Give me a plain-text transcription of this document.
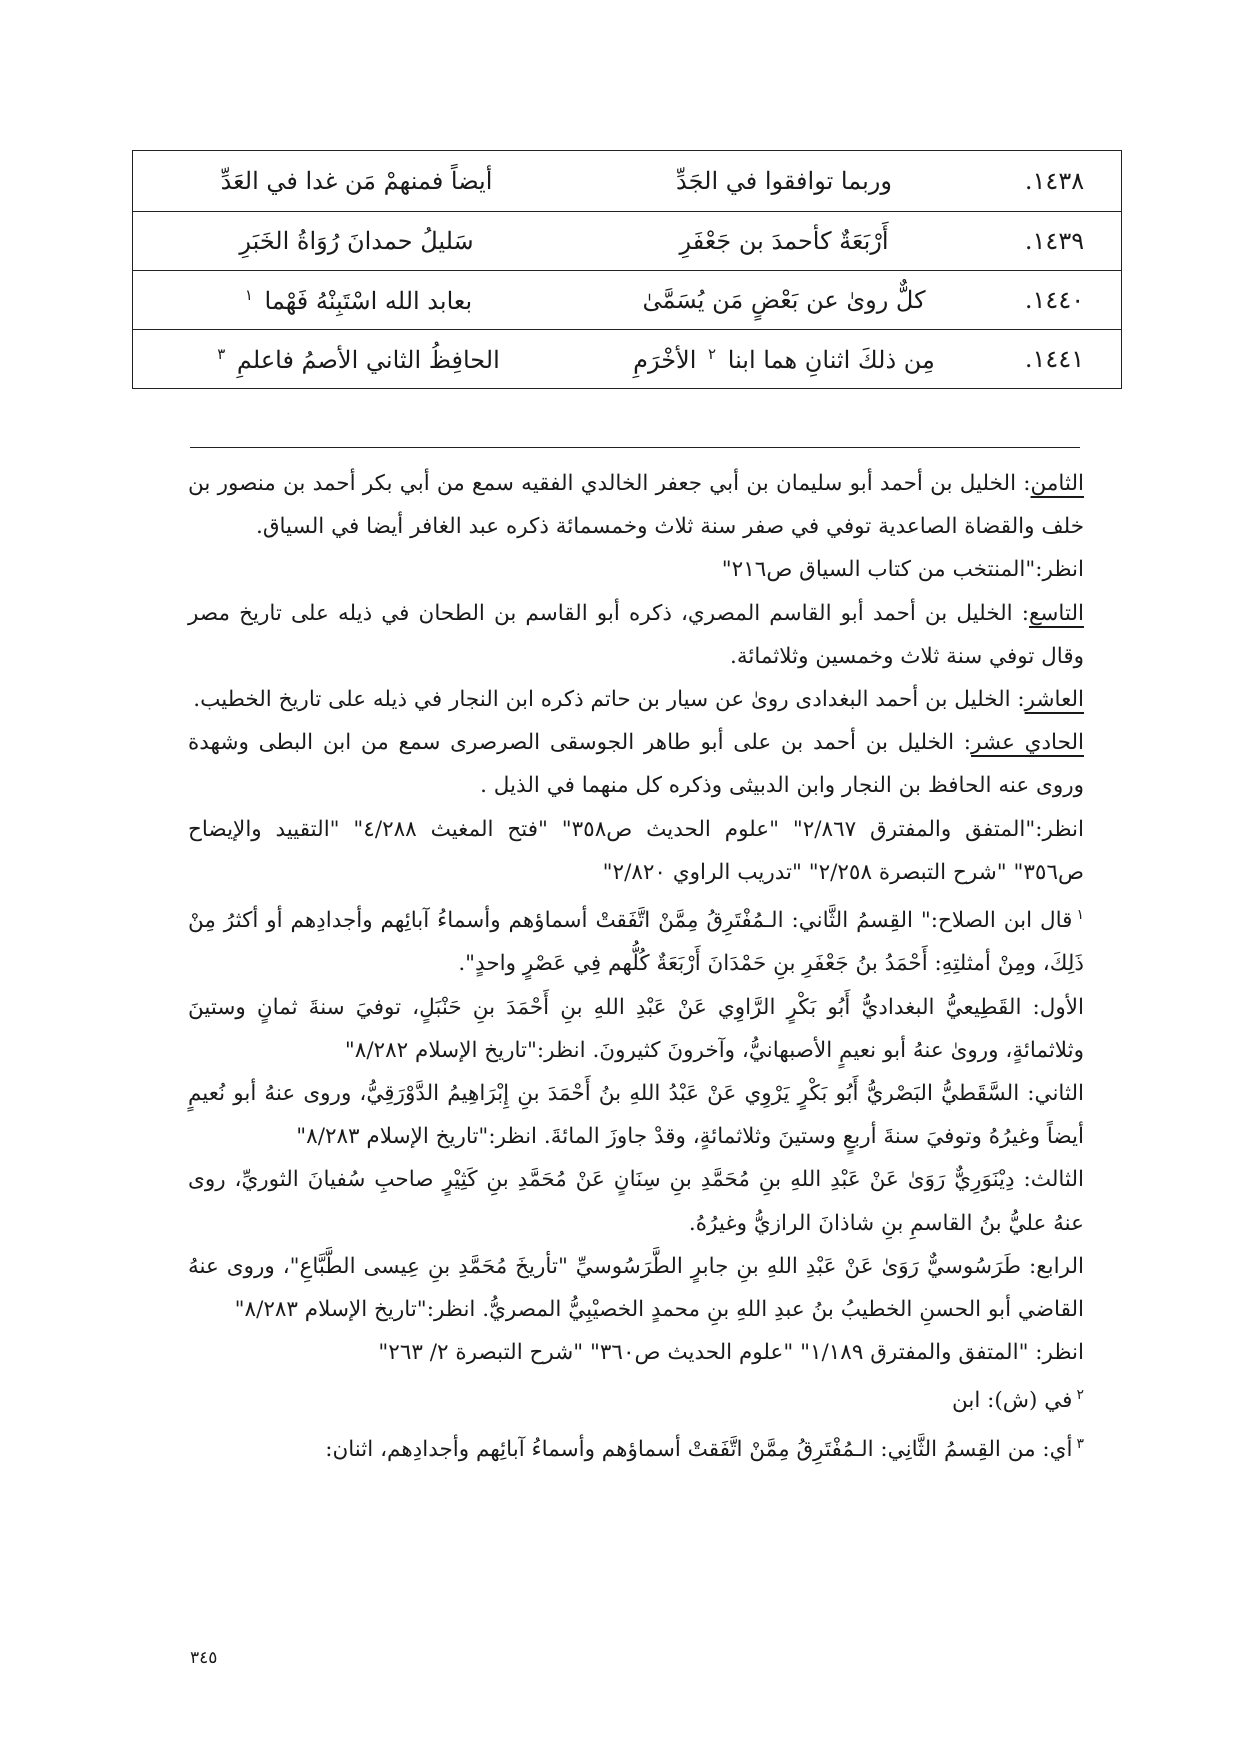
١٤٣٨.	وربما توافقوا في الجَدِّ	أيضاً فمنهمْ مَن غدا في العَدِّ
١٤٣٩.	أَرْبَعَةٌ كأحمدَ بن جَعْفَرِ	سَليلُ حمدانَ رُوَاةُ الخَبَرِ
١٤٤٠.	كلٌّ روىٰ عن بَعْضٍ مَن يُسَمَّىٰ	بعابد الله اسْتَبِنْهُ فَهْما $^١$
١٤٤١.	مِن ذلكَ اثنانِ هما ابنا $^٢$ الأخْرَمِ	الحافِظُ الثاني الأصمُ فاعلمِ $^٣$

الثامن: الخليل بن أحمد أبو سليمان بن أبي جعفر الخالدي الفقيه سمع من أبي بكر أحمد بن منصور بن خلف والقضاة الصاعدية توفي في صفر سنة ثلاث وخمسمائة ذكره عبد الغافر أيضا في السياق.

انظر:"المنتخب من كتاب السياق ص٢١٦"

التاسع: الخليل بن أحمد أبو القاسم المصري، ذكره أبو القاسم بن الطحان في ذيله على تاريخ مصر وقال توفي سنة ثلاث وخمسين وثلاثمائة.

العاشر: الخليل بن أحمد البغدادى روىٰ عن سيار بن حاتم ذكره ابن النجار في ذيله على تاريخ الخطيب.

الحادي عشر: الخليل بن أحمد بن على أبو طاهر الجوسقى الصرصرى سمع من ابن البطى وشهدة وروى عنه الحافظ بن النجار وابن الدبيثى وذكره كل منهما في الذيل .

انظر:"المتفق والمفترق ٢/٨٦٧" "علوم الحديث ص٣٥٨" "فتح المغيث ٤/٢٨٨" "التقييد والإيضاح ص٣٥٦" "شرح التبصرة ٢/٢٥٨" "تدريب الراوي ٢/٨٢٠"

$^١$قال ابن الصلاح:" القِسمُ الثَّاني: الـمُفْتَرِقُ مِمَّنْ اتَّفَقتْ أسماؤهم وأسماءُ آبائِهم وأجدادِهم أو أكثرُ مِنْ ذَلِكَ، ومِنْ أمثلتِهِ: أَحْمَدُ بنُ جَعْفَرِ بنِ حَمْدَانَ أَرْبَعَةٌ كُلُّهم فِي عَصْرٍ واحدٍ".

الأول: القَطِيعيُّ البغداديُّ أَبُو بَكْرٍ الرَّاوِي عَنْ عَبْدِ اللهِ بنِ أَحْمَدَ بنِ حَنْبَلٍ، توفيَ سنةَ ثمانٍ وستينَ وثلاثمائةٍ، وروىٰ عنهُ أبو نعيمٍ الأصبهانيُّ، وآخرونَ كثيرونَ. انظر:"تاريخ الإسلام ٨/٢٨٢"

الثاني: السَّقَطيُّ البَصْريُّ أَبُو بَكْرٍ يَرْوِي عَنْ عَبْدُ اللهِ بنُ أَحْمَدَ بنِ إِبْرَاهِيمُ الدَّوْرَقِيُّ، وروى عنهُ أبو نُعيمٍ أيضاً وغيرُهُ وتوفيَ سنةَ أربعٍ وستينَ وثلاثمائةٍ، وقدْ جاوزَ المائةَ. انظر:"تاريخ الإسلام ٨/٢٨٣"

الثالث: دِيْنَوَرِيٌّ رَوَىٰ عَنْ عَبْدِ اللهِ بنِ مُحَمَّدِ بنِ سِنَانٍ عَنْ مُحَمَّدِ بنِ كَثِيْرٍ صاحبِ سُفيانَ الثوريِّ، روى عنهُ عليُّ بنُ القاسمِ بنِ شاذانَ الرازيُّ وغيرُهُ.

الرابع: طَرَسُوسيٌّ رَوَىٰ عَنْ عَبْدِ اللهِ بنِ جابرٍ الطَّرَسُوسيِّ "تأريخَ مُحَمَّدِ بنِ عِيسى الطَّبَّاعِ"، وروى عنهُ القاضي أبو الحسنِ الخطيبُ بنُ عبدِ اللهِ بنِ محمدٍ الخصيْبِيُّ المصريُّ. انظر:"تاريخ الإسلام ٨/٢٨٣"

انظر: "المتفق والمفترق ١/١٨٩" "علوم الحديث ص٣٦٠" "شرح التبصرة ٢/ ٢٦٣"

$^٢$في (ش): ابن

$^٣$أي: من القِسمُ الثَّانِي: الـمُفْتَرِقُ مِمَّنْ اتَّفَقتْ أسماؤهم وأسماءُ آبائِهم وأجدادِهم، اثنان:

٣٤٥
